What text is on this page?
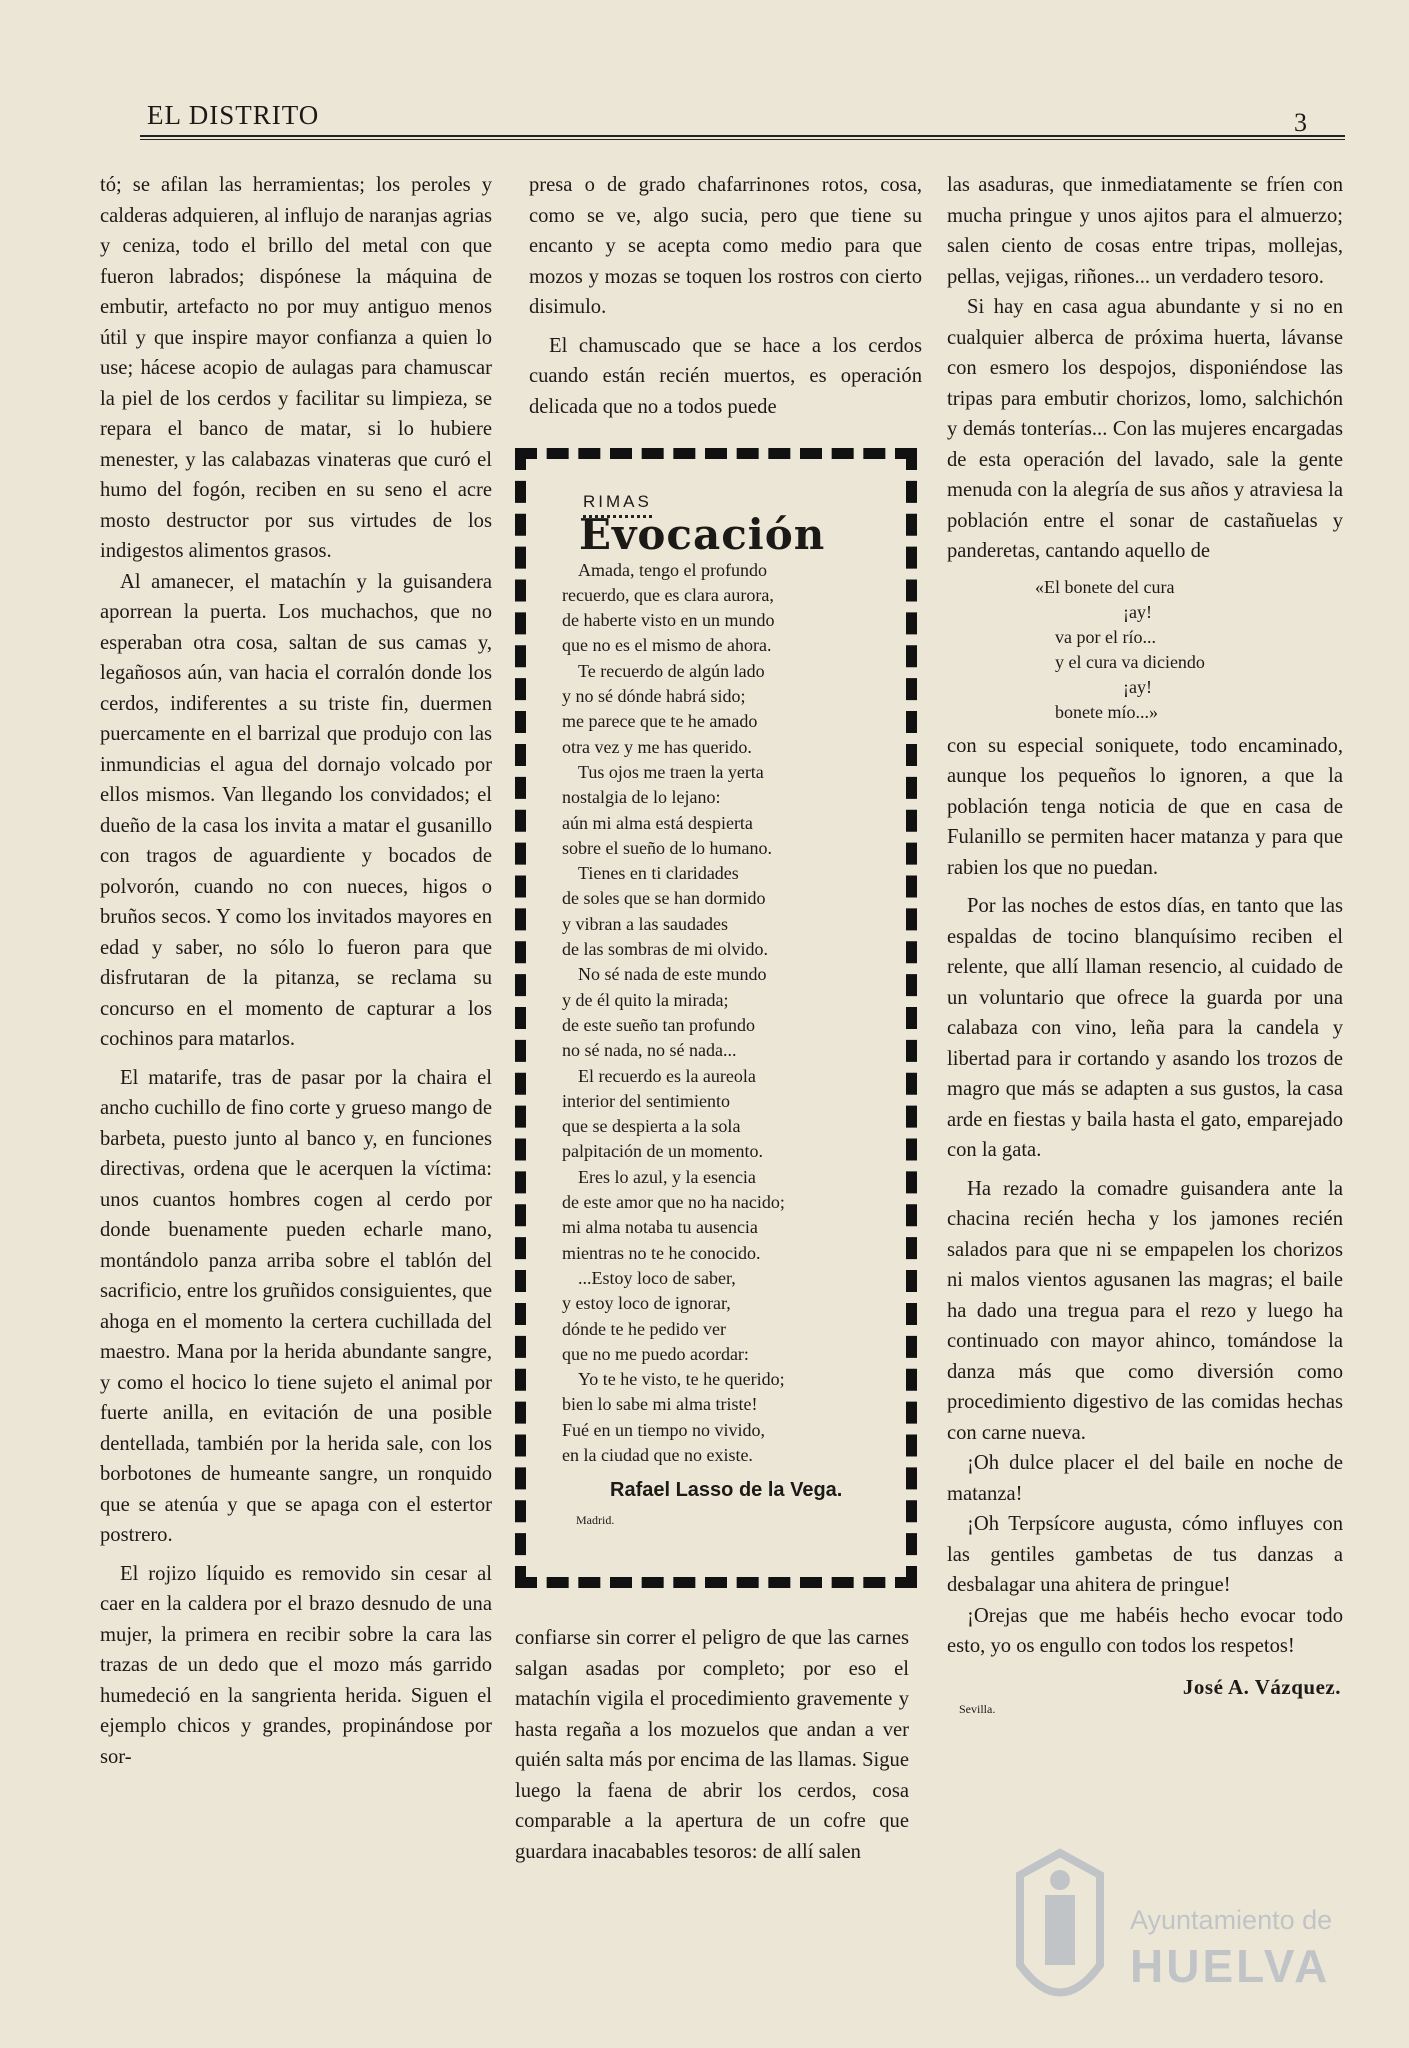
EL DISTRITO	3

tó; se afilan las herramientas; los peroles y calderas adquieren, al influjo de naranjas agrias y ceniza, todo el brillo del metal con que fueron labrados; dispónese la máquina de embutir, artefacto no por muy antiguo menos útil y que inspire mayor confianza a quien lo use; hácese acopio de aulagas para chamuscar la piel de los cerdos y facilitar su limpieza, se repara el banco de matar, si lo hubiere menester, y las calabazas vinateras que curó el humo del fogón, reciben en su seno el acre mosto destructor por sus virtudes de los indigestos alimentos grasos.

Al amanecer, el matachín y la guisandera aporrean la puerta. Los muchachos, que no esperaban otra cosa, saltan de sus camas y, legañosos aún, van hacia el corralón donde los cerdos, indiferentes a su triste fin, duermen puercamente en el barrizal que produjo con las inmundicias el agua del dornajo volcado por ellos mismos. Van llegando los convidados; el dueño de la casa los invita a matar el gusanillo con tragos de aguardiente y bocados de polvorón, cuando no con nueces, higos o bruños secos. Y como los invitados mayores en edad y saber, no sólo lo fueron para que disfrutaran de la pitanza, se reclama su concurso en el momento de capturar a los cochinos para matarlos.

El matarife, tras de pasar por la chaira el ancho cuchillo de fino corte y grueso mango de barbeta, puesto junto al banco y, en funciones directivas, ordena que le acerquen la víctima: unos cuantos hombres cogen al cerdo por donde buenamente pueden echarle mano, montándolo panza arriba sobre el tablón del sacrificio, entre los gruñidos consiguientes, que ahoga en el momento la certera cuchillada del maestro. Mana por la herida abundante sangre, y como el hocico lo tiene sujeto el animal por fuerte anilla, en evitación de una posible dentellada, también por la herida sale, con los borbotones de humeante sangre, un ronquido que se atenúa y que se apaga con el estertor postrero.

El rojizo líquido es removido sin cesar al caer en la caldera por el brazo desnudo de una mujer, la primera en recibir sobre la cara las trazas de un dedo que el mozo más garrido humedeció en la sangrienta herida. Siguen el ejemplo chicos y grandes, propinándose por sor-

presa o de grado chafarrinones rotos, cosa, como se ve, algo sucia, pero que tiene su encanto y se acepta como medio para que mozos y mozas se toquen los rostros con cierto disimulo.

El chamuscado que se hace a los cerdos cuando están recién muertos, es operación delicada que no a todos puede

RIMAS
Evocación
Amada, tengo el profundo
recuerdo, que es clara aurora,
de haberte visto en un mundo
que no es el mismo de ahora.
Te recuerdo de algún lado
y no sé dónde habrá sido;
me parece que te he amado
otra vez y me has querido.
Tus ojos me traen la yerta
nostalgia de lo lejano:
aún mi alma está despierta
sobre el sueño de lo humano.
Tienes en ti claridades
de soles que se han dormido
y vibran a las saudades
de las sombras de mi olvido.
No sé nada de este mundo
y de él quito la mirada;
de este sueño tan profundo
no sé nada, no sé nada...
El recuerdo es la aureola
interior del sentimiento
que se despierta a la sola
palpitación de un momento.
Eres lo azul, y la esencia
de este amor que no ha nacido;
mi alma notaba tu ausencia
mientras no te he conocido.
...Estoy loco de saber,
y estoy loco de ignorar,
dónde te he pedido ver
que no me puedo acordar:
Yo te he visto, te he querido;
bien lo sabe mi alma triste!
Fué en un tiempo no vivido,
en la ciudad que no existe.
Rafael Lasso de la Vega.
Madrid.

confiarse sin correr el peligro de que las carnes salgan asadas por completo; por eso el matachín vigila el procedimiento gravemente y hasta regaña a los mozuelos que andan a ver quién salta más por encima de las llamas. Sigue luego la faena de abrir los cerdos, cosa comparable a la apertura de un cofre que guardara inacabables tesoros: de allí salen

las asaduras, que inmediatamente se fríen con mucha pringue y unos ajitos para el almuerzo; salen ciento de cosas entre tripas, mollejas, pellas, vejigas, riñones... un verdadero tesoro.

Si hay en casa agua abundante y si no en cualquier alberca de próxima huerta, lávanse con esmero los despojos, disponiéndose las tripas para embutir chorizos, lomo, salchichón y demás tonterías... Con las mujeres encargadas de esta operación del lavado, sale la gente menuda con la alegría de sus años y atraviesa la población entre el sonar de castañuelas y panderetas, cantando aquello de

«El bonete del cura
¡ay!
va por el río...
y el cura va diciendo
¡ay!
bonete mío...»

con su especial soniquete, todo encaminado, aunque los pequeños lo ignoren, a que la población tenga noticia de que en casa de Fulanillo se permiten hacer matanza y para que rabien los que no puedan.

Por las noches de estos días, en tanto que las espaldas de tocino blanquísimo reciben el relente, que allí llaman resencio, al cuidado de un voluntario que ofrece la guarda por una calabaza con vino, leña para la candela y libertad para ir cortando y asando los trozos de magro que más se adapten a sus gustos, la casa arde en fiestas y baila hasta el gato, emparejado con la gata.

Ha rezado la comadre guisandera ante la chacina recién hecha y los jamones recién salados para que ni se empapelen los chorizos ni malos vientos agusanen las magras; el baile ha dado una tregua para el rezo y luego ha continuado con mayor ahinco, tomándose la danza más que como diversión como procedimiento digestivo de las comidas hechas con carne nueva.

¡Oh dulce placer el del baile en noche de matanza!

¡Oh Terpsícore augusta, cómo influyes con las gentiles gambetas de tus danzas a desbalagar una ahitera de pringue!

¡Orejas que me habéis hecho evocar todo esto, yo os engullo con todos los respetos!

José A. Vázquez.
Sevilla.
Ayuntamiento de
HUELVA
